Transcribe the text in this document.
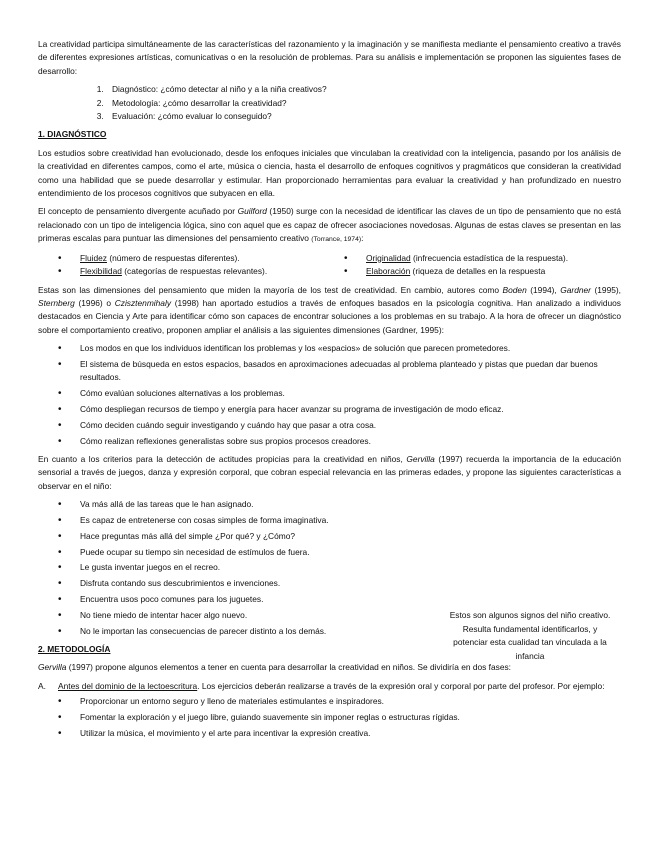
La creatividad participa simultáneamente de las características del razonamiento y la imaginación y se manifiesta mediante el pensamiento creativo a través de diferentes expresiones artísticas, comunicativas o en la resolución de problemas. Para su análisis e implementación se proponen las siguientes fases de desarrollo:

1. Diagnóstico: ¿cómo detectar al niño y a la niña creativos?
2. Metodología: ¿cómo desarrollar la creatividad?
3. Evaluación: ¿cómo evaluar lo conseguido?
1. DIAGNÓSTICO

Los estudios sobre creatividad han evolucionado, desde los enfoques iniciales que vinculaban la creatividad con la inteligencia, pasando por los análisis de la creatividad en diferentes campos, como el arte, música o ciencia, hasta el desarrollo de enfoques cognitivos y pragmáticos que consideran la creatividad como una habilidad que se puede desarrollar y estimular. Han proporcionado herramientas para evaluar la creatividad y han profundizado en nuestro entendimiento de los procesos cognitivos que subyacen en ella.

El concepto de pensamiento divergente acuñado por Guilford (1950) surge con la necesidad de identificar las claves de un tipo de pensamiento que no está relacionado con un tipo de inteligencia lógica, sino con aquel que es capaz de ofrecer asociaciones novedosas. Algunas de estas claves se presentan en las primeras escalas para puntuar las dimensiones del pensamiento creativo (Torrance, 1974):

• Fluidez (número de respuestas diferentes).	• Originalidad (infrecuencia estadística de la respuesta).
• Flexibilidad (categorías de respuestas relevantes).	• Elaboración (riqueza de detalles en la respuesta

Estas son las dimensiones del pensamiento que miden la mayoría de los test de creatividad. En cambio, autores como Boden (1994), Gardner (1995), Sternberg (1996) o Czisztenmihaly (1998) han aportado estudios a través de enfoques basados en la psicología cognitiva. Han analizado a individuos destacados en Ciencia y Arte para identificar cómo son capaces de encontrar soluciones a los problemas en su trabajo. A la hora de ofrecer un diagnóstico sobre el comportamiento creativo, proponen ampliar el análisis a las siguientes dimensiones (Gardner, 1995):

• Los modos en que los individuos identifican los problemas y los «espacios» de solución que parecen prometedores.
• El sistema de búsqueda en estos espacios, basados en aproximaciones adecuadas al problema planteado y pistas que puedan dar buenos resultados.
• Cómo evalúan soluciones alternativas a los problemas.
• Cómo despliegan recursos de tiempo y energía para hacer avanzar su programa de investigación de modo eficaz.
• Cómo deciden cuándo seguir investigando y cuándo hay que pasar a otra cosa.
• Cómo realizan reflexiones generalistas sobre sus propios procesos creadores.

En cuanto a los criterios para la detección de actitudes propicias para la creatividad en niños, Gervilla (1997) recuerda la importancia de la educación sensorial a través de juegos, danza y expresión corporal, que cobran especial relevancia en las primeras edades, y propone las siguientes características a observar en el niño:

• Va más allá de las tareas que le han asignado.
• Es capaz de entretenerse con cosas simples de forma imaginativa.
• Hace preguntas más allá del simple ¿Por qué? y ¿Cómo?
• Puede ocupar su tiempo sin necesidad de estímulos de fuera.
• Le gusta inventar juegos en el recreo.
• Disfruta contando sus descubrimientos e invenciones.
• Encuentra usos poco comunes para los juguetes.
• No tiene miedo de intentar hacer algo nuevo.
• No le importan las consecuencias de parecer distinto a los demás.
2. METODOLOGÍA

Gervilla (1997) propone algunos elementos a tener en cuenta para desarrollar la creatividad en niños. Se dividiría en dos fases:

A. Antes del dominio de la lectoescritura. Los ejercicios deberán realizarse a través de la expresión oral y corporal por parte del profesor. Por ejemplo:
• Proporcionar un entorno seguro y lleno de materiales estimulantes e inspiradores.
• Fomentar la exploración y el juego libre, guiando suavemente sin imponer reglas o estructuras rígidas.
• Utilizar la música, el movimiento y el arte para incentivar la expresión creativa.
Estos son algunos signos del niño creativo. Resulta fundamental identificarlos, y potenciar esta cualidad tan vinculada a la infancia
